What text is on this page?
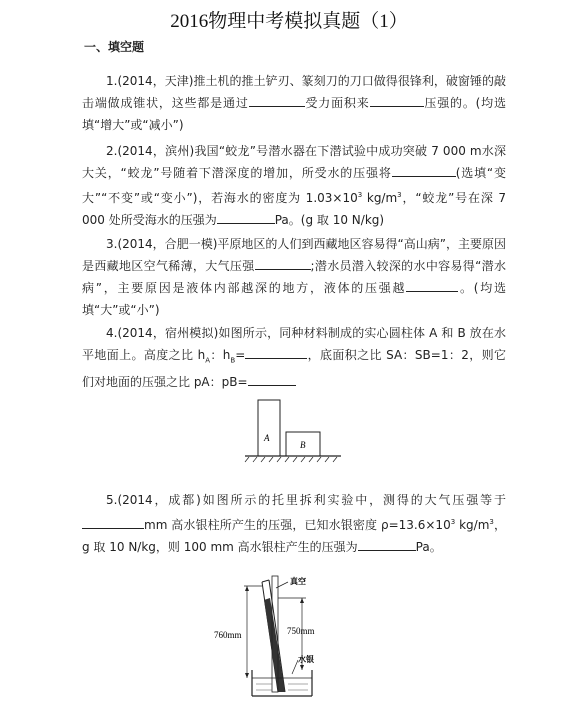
2016物理中考模拟真题（1）
一、填空题

1.(2014，天津)推土机的推土铲刃、篆刻刀的刀口做得很锋利，破窗锤的敲击端做成锥状，这些都是通过	受力面积来	压强的。(均选填“增大”或“减小”)

2.(2014，滨州)我国“蛟龙”号潜水器在下潜试验中成功突破 7 000 m水深大关，“蛟龙”号随着下潜深度的增加，所受水的压强将	(选填“变大”“不变”或“变小”)，若海水的密度为 $1.03\times 10^3$ $kg/m^3$，“蛟龙”号在深 7 000 处所受海水的压强为	Pa。(g 取 10 N/kg)

3.(2014，合肥一模)平原地区的人们到西藏地区容易得“高山病”，主要原因是西藏地区空气稀薄，大气压强	;潜水员潜入较深的水中容易得“潜水病”，主要原因是液体内部越深的地方，液体的压强越	。(均选填“大”或“小”)

4.(2014，宿州模拟)如图所示，同种材料制成的实心圆柱体 A 和 B 放在水平地面上。高度之比 $h_A$：$h_B=$	，底面积之比 SA：SB=1：2，则它们对地面的压强之比 pA：pB=

A
B

5.(2014，成都)如图所示的托里拆利实验中，测得的大气压强等于mm 高水银柱所产生的压强，已知水银密度 $\rho=13.6\times 10^3$ $kg/m^3$，g 取 10 N/kg，则 100 mm 高水银柱产生的压强为	Pa。

真空
760mm	750mm
水银
